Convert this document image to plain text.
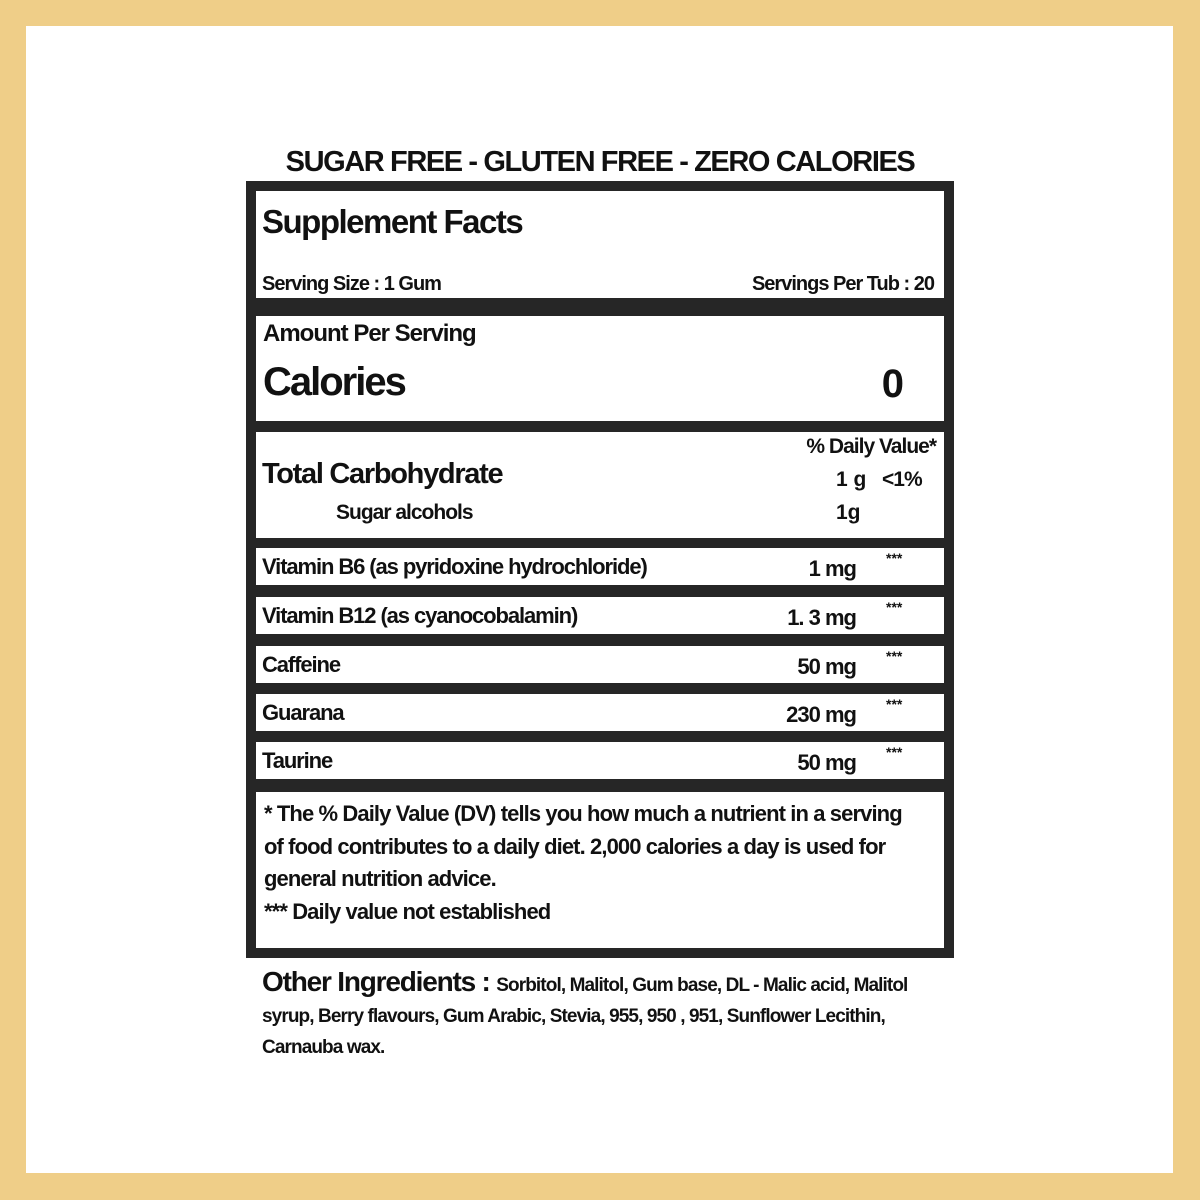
SUGAR FREE - GLUTEN FREE - ZERO CALORIES
Supplement Facts
Serving Size : 1 Gum	Servings Per Tub : 20
Amount Per Serving
Calories	0
% Daily Value*
Total Carbohydrate	1 g <1%
Sugar alcohols	1g
Vitamin B6 (as pyridoxine hydrochloride)	1 mg ***
Vitamin B12 (as cyanocobalamin)	1. 3 mg ***
Caffeine	50 mg ***
Guarana	230 mg ***
Taurine	50 mg ***
* The % Daily Value (DV) tells you how much a nutrient in a serving of food contributes to a daily diet. 2,000 calories a day is used for general nutrition advice.
*** Daily value not established
Other Ingredients : Sorbitol, Malitol, Gum base, DL - Malic acid, Malitol syrup, Berry flavours, Gum Arabic, Stevia, 955, 950 , 951, Sunflower Lecithin, Carnauba wax.
